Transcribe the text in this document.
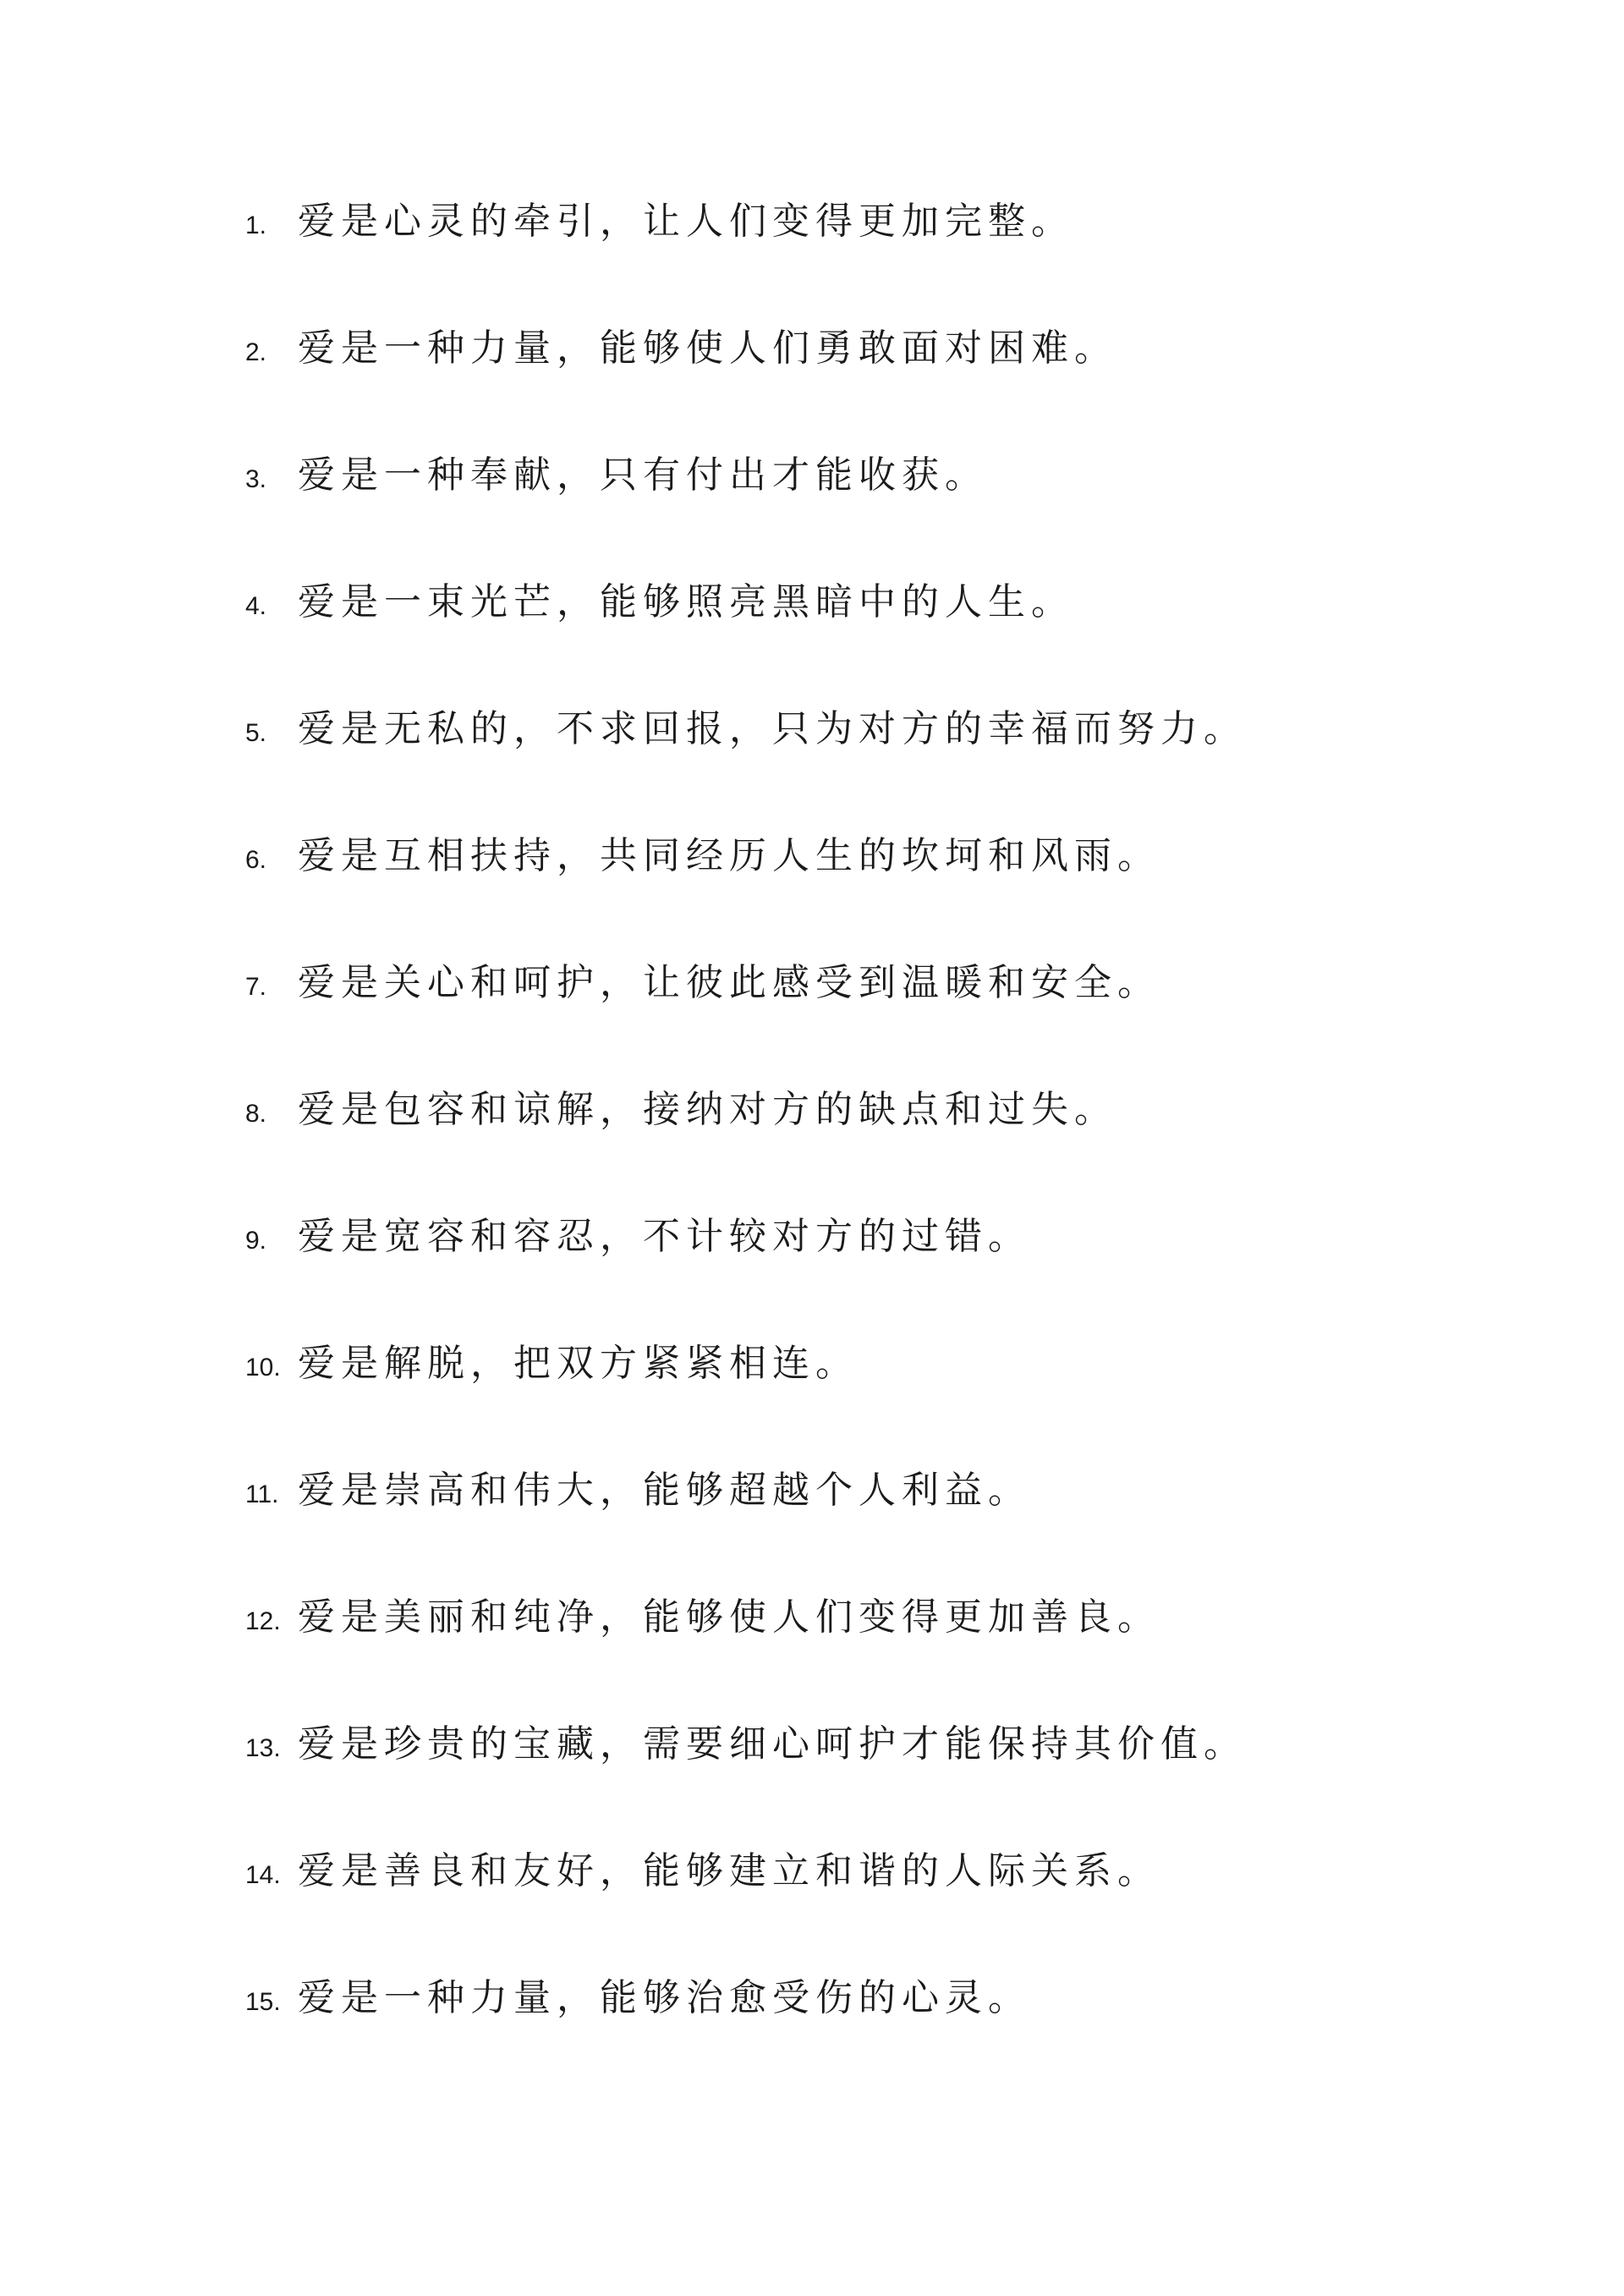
1. 爱是心灵的牵引，让人们变得更加完整。
2. 爱是一种力量，能够使人们勇敢面对困难。
3. 爱是一种奉献，只有付出才能收获。
4. 爱是一束光芒，能够照亮黑暗中的人生。
5. 爱是无私的，不求回报，只为对方的幸福而努力。
6. 爱是互相扶持，共同经历人生的坎坷和风雨。
7. 爱是关心和呵护，让彼此感受到温暖和安全。
8. 爱是包容和谅解，接纳对方的缺点和过失。
9. 爱是宽容和容忍，不计较对方的过错。
10. 爱是解脱，把双方紧紧相连。
11. 爱是崇高和伟大，能够超越个人利益。
12. 爱是美丽和纯净，能够使人们变得更加善良。
13. 爱是珍贵的宝藏，需要细心呵护才能保持其价值。
14. 爱是善良和友好，能够建立和谐的人际关系。
15. 爱是一种力量，能够治愈受伤的心灵。
